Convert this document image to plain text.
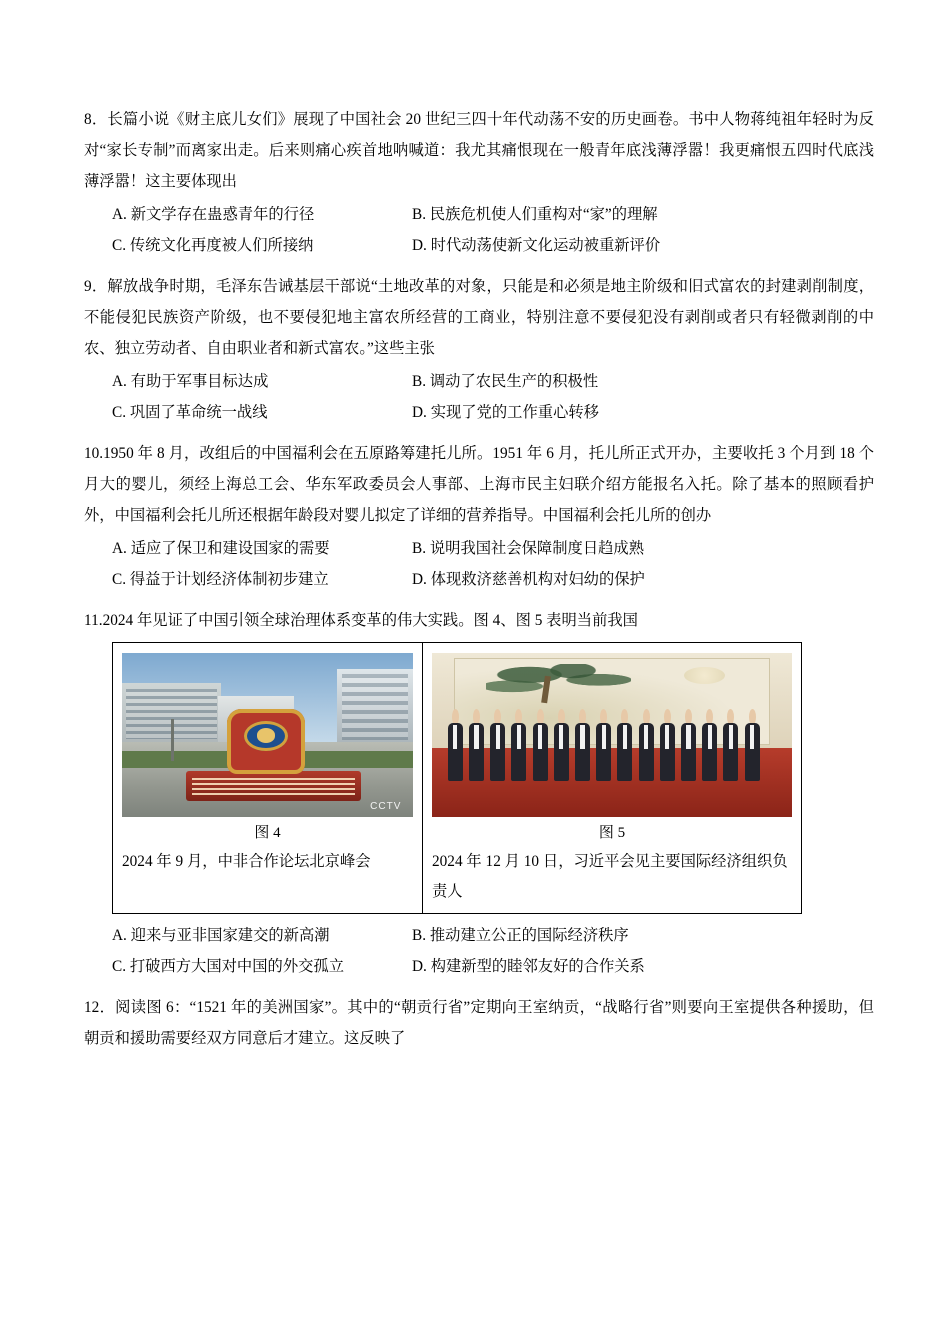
8．长篇小说《财主底儿女们》展现了中国社会 20 世纪三四十年代动荡不安的历史画卷。书中人物蒋纯祖年轻时为反对“家长专制”而离家出走。后来则痛心疾首地呐喊道：我尤其痛恨现在一般青年底浅薄浮嚣！我更痛恨五四时代底浅薄浮嚣！这主要体现出
A. 新文学存在蛊惑青年的行径	B. 民族危机使人们重构对“家”的理解
C. 传统文化再度被人们所接纳	D. 时代动荡使新文化运动被重新评价
9．解放战争时期，毛泽东告诫基层干部说“土地改革的对象，只能是和必须是地主阶级和旧式富农的封建剥削制度，不能侵犯民族资产阶级，也不要侵犯地主富农所经营的工商业，特别注意不要侵犯没有剥削或者只有轻微剥削的中农、独立劳动者、自由职业者和新式富农。”这些主张
A. 有助于军事目标达成	B. 调动了农民生产的积极性
C. 巩固了革命统一战线	D. 实现了党的工作重心转移
10.1950 年 8 月，改组后的中国福利会在五原路筹建托儿所。1951 年 6 月，托儿所正式开办，主要收托 3 个月到 18 个月大的婴儿，须经上海总工会、华东军政委员会人事部、上海市民主妇联介绍方能报名入托。除了基本的照顾看护外，中国福利会托儿所还根据年龄段对婴儿拟定了详细的营养指导。中国福利会托儿所的创办
A. 适应了保卫和建设国家的需要	B. 说明我国社会保障制度日趋成熟
C. 得益于计划经济体制初步建立	D. 体现救济慈善机构对妇幼的保护
11.2024 年见证了中国引领全球治理体系变革的伟大实践。图 4、图 5 表明当前我国
CCTV
图 4
2024 年 9 月，中非合作论坛北京峰会
图 5
2024 年 12 月 10 日，习近平会见主要国际经济组织负责人
A. 迎来与亚非国家建交的新高潮	B. 推动建立公正的国际经济秩序
C. 打破西方大国对中国的外交孤立	D. 构建新型的睦邻友好的合作关系
12．阅读图 6：“1521 年的美洲国家”。其中的“朝贡行省”定期向王室纳贡，“战略行省”则要向王室提供各种援助，但朝贡和援助需要经双方同意后才建立。这反映了
